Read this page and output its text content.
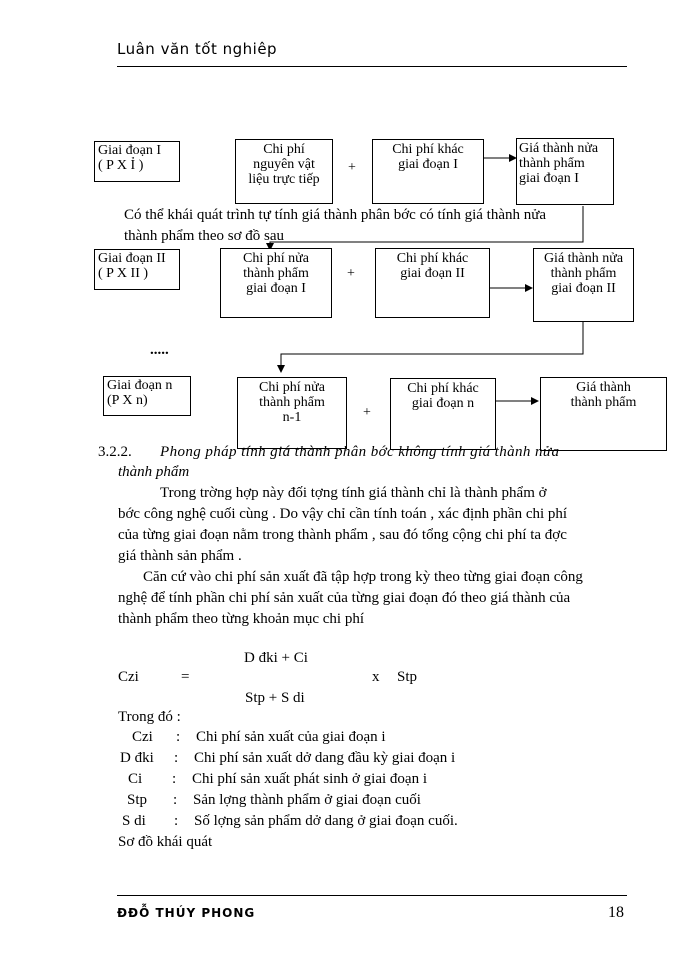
Luân văn tốt nghiêp
Giai đoạn I
( P X Ỉ )
Chi phí
nguyên vật
liệu trực tiếp
+
Chi phí khác
giai đoạn I
Giá thành nửa
thành phẩm
giai đoạn I
Có thể khái quát trình tự tính giá thành phân bớc có tính giá thành nửa
thành phẩm theo sơ đồ sau
Giai đoạn II
( P X II )
Chi phí nửa
thành phẩm
giai đoạn I
+
Chi phí khác
giai đoạn II
Giá thành nửa
thành phẩm
giai đoạn II
.....
Giai đoạn n
(P X n)
Chi phí nửa
thành phẩm
n-1	+
Chi phí khác
giai đoạn n
Giá thành
thành phẩm
3.2.2. Phong pháp tính giá thành phân bớc không tính giá thành nửa
thành phẩm
Trong trờng hợp này đối tợng tính giá thành chỉ là thành phẩm ở
bớc công nghệ cuối cùng . Do vậy chỉ cần tính toán , xác định phần chi phí
của từng giai đoạn nằm trong thành phẩm , sau đó tổng cộng chi phí ta đợc
giá thành sản phẩm .
Căn cứ vào chi phí sản xuất đã tập hợp trong kỳ theo từng giai đoạn công
nghệ để tính phần chi phí sản xuất của từng giai đoạn đó theo giá thành của
thành phẩm theo từng khoản mục chi phí
D đki + Ci
Czi	=	x Stp
Stp + S di
Trong đó :
Czi : Chi phí sản xuất của giai đoạn i
D đki : Chi phí sản xuất dở dang đầu kỳ giai đoạn i
Ci : Chi phí sản xuất phát sinh ở giai đoạn i
Stp : Sản lợng thành phẩm ở giai đoạn cuối
S di : Số lợng sản phẩm dở dang ở giai đoạn cuối.
Sơ đồ khái quát
ĐĐỖ THÚY PHONG	18
